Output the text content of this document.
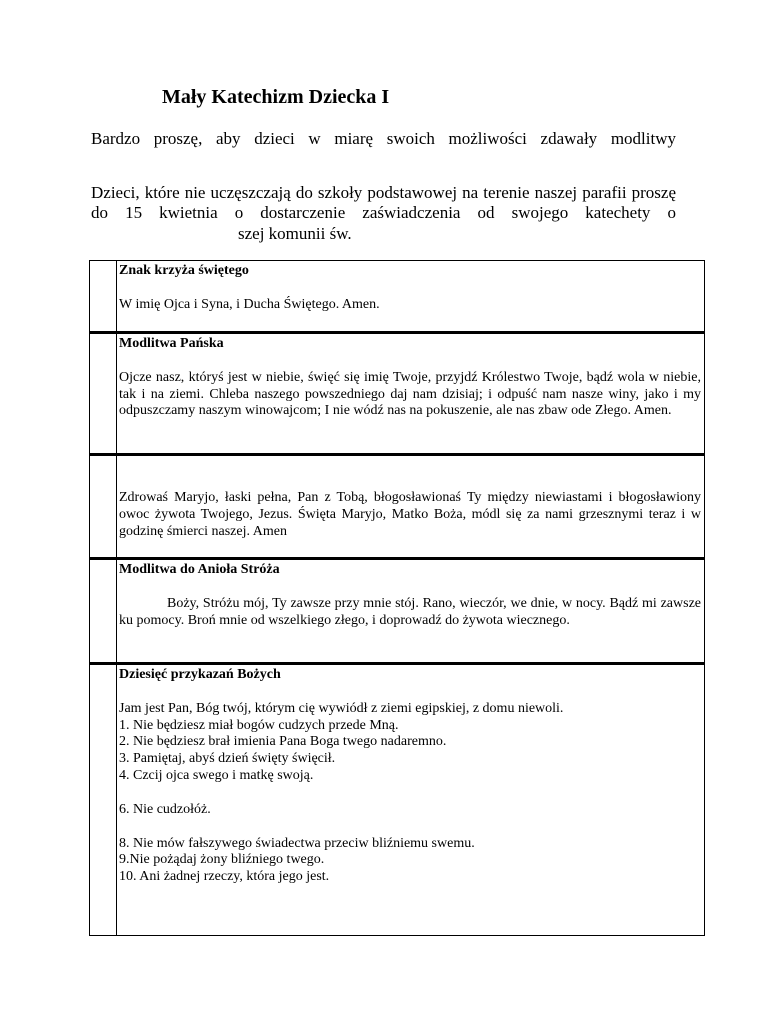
Mały Katechizm Dziecka I
Bardzo proszę, aby dzieci w miarę swoich możliwości zdawały modlitwy
Dzieci, które nie uczęszczają do szkoły podstawowej na terenie naszej parafii proszę do 15 kwietnia o dostarczenie zaświadczenia od swojego katechety o
szej komunii św.

Znak krzyża świętego

W imię Ojca i Syna, i Ducha Świętego. Amen.

Modlitwa Pańska

Ojcze nasz, któryś jest w niebie, święć się imię Twoje, przyjdź Królestwo Twoje, bądź wola w niebie, tak i na ziemi. Chleba naszego powszedniego daj nam dzisiaj; i odpuść nam nasze winy, jako i my odpuszczamy naszym winowajcom; I nie wódź nas na pokuszenie, ale nas zbaw ode Złego. Amen.

Zdrowaś Maryjo, łaski pełna, Pan z Tobą, błogosławionaś Ty między niewiastami i błogosławiony owoc żywota Twojego, Jezus. Święta Maryjo, Matko Boża, módl się za nami grzesznymi teraz i w godzinę śmierci naszej. Amen

Modlitwa do Anioła Stróża

Boży, Stróżu mój, Ty zawsze przy mnie stój. Rano, wieczór, we dnie, w nocy. Bądź mi zawsze ku pomocy. Broń mnie od wszelkiego złego, i doprowadź do żywota wiecznego.

Dziesięć przykazań Bożych

Jam jest Pan, Bóg twój, którym cię wywiódł z ziemi egipskiej, z domu niewoli.

1. Nie będziesz miał bogów cudzych przede Mną.

2. Nie będziesz brał imienia Pana Boga twego nadaremno.

3. Pamiętaj, abyś dzień święty święcił.

4. Czcij ojca swego i matkę swoją.

6. Nie cudzołóż.

8. Nie mów fałszywego świadectwa przeciw bliźniemu swemu.

9.Nie pożądaj żony bliźniego twego.

10. Ani żadnej rzeczy, która jego jest.
